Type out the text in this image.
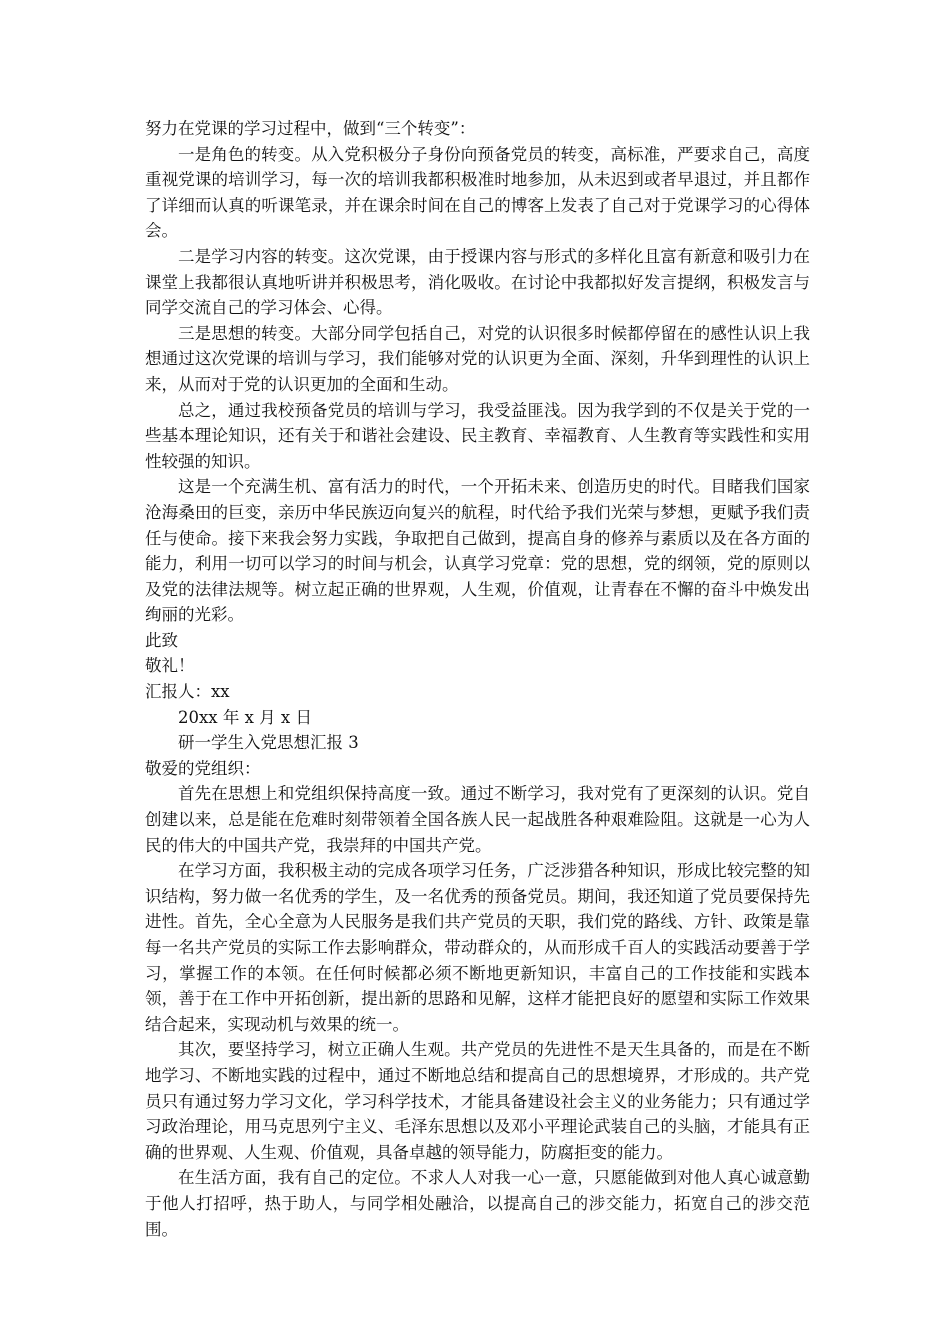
努力在党课的学习过程中，做到“三个转变”：

一是角色的转变。从入党积极分子身份向预备党员的转变，高标准，严要求自己，高度重视党课的培训学习，每一次的培训我都积极准时地参加，从未迟到或者早退过，并且都作了详细而认真的听课笔录，并在课余时间在自己的博客上发表了自己对于党课学习的心得体会。

二是学习内容的转变。这次党课，由于授课内容与形式的多样化且富有新意和吸引力在课堂上我都很认真地听讲并积极思考，消化吸收。在讨论中我都拟好发言提纲，积极发言与同学交流自己的学习体会、心得。

三是思想的转变。大部分同学包括自己，对党的认识很多时候都停留在的感性认识上我想通过这次党课的培训与学习，我们能够对党的认识更为全面、深刻，升华到理性的认识上来，从而对于党的认识更加的全面和生动。

总之，通过我校预备党员的培训与学习，我受益匪浅。因为我学到的不仅是关于党的一些基本理论知识，还有关于和谐社会建设、民主教育、幸福教育、人生教育等实践性和实用性较强的知识。

这是一个充满生机、富有活力的时代，一个开拓未来、创造历史的时代。目睹我们国家沧海桑田的巨变，亲历中华民族迈向复兴的航程，时代给予我们光荣与梦想，更赋予我们责任与使命。接下来我会努力实践，争取把自己做到，提高自身的修养与素质以及在各方面的能力，利用一切可以学习的时间与机会，认真学习党章：党的思想，党的纲领，党的原则以及党的法律法规等。树立起正确的世界观，人生观，价值观，让青春在不懈的奋斗中焕发出绚丽的光彩。

此致

敬礼！

汇报人：xx

20xx 年 x 月 x 日

研一学生入党思想汇报 3

敬爱的党组织：

首先在思想上和党组织保持高度一致。通过不断学习，我对党有了更深刻的认识。党自创建以来，总是能在危难时刻带领着全国各族人民一起战胜各种艰难险阻。这就是一心为人民的伟大的中国共产党，我崇拜的中国共产党。

在学习方面，我积极主动的完成各项学习任务，广泛涉猎各种知识，形成比较完整的知识结构，努力做一名优秀的学生，及一名优秀的预备党员。期间，我还知道了党员要保持先进性。首先，全心全意为人民服务是我们共产党员的天职，我们党的路线、方针、政策是靠每一名共产党员的实际工作去影响群众，带动群众的，从而形成千百人的实践活动要善于学习，掌握工作的本领。在任何时候都必须不断地更新知识，丰富自己的工作技能和实践本领，善于在工作中开拓创新，提出新的思路和见解，这样才能把良好的愿望和实际工作效果结合起来，实现动机与效果的统一。

其次，要坚持学习，树立正确人生观。共产党员的先进性不是天生具备的，而是在不断地学习、不断地实践的过程中，通过不断地总结和提高自己的思想境界，才形成的。共产党员只有通过努力学习文化，学习科学技术，才能具备建设社会主义的业务能力；只有通过学习政治理论，用马克思列宁主义、毛泽东思想以及邓小平理论武装自己的头脑，才能具有正确的世界观、人生观、价值观，具备卓越的领导能力，防腐拒变的能力。

在生活方面，我有自己的定位。不求人人对我一心一意，只愿能做到对他人真心诚意勤于他人打招呼，热于助人，与同学相处融洽，以提高自己的涉交能力，拓宽自己的涉交范围。
